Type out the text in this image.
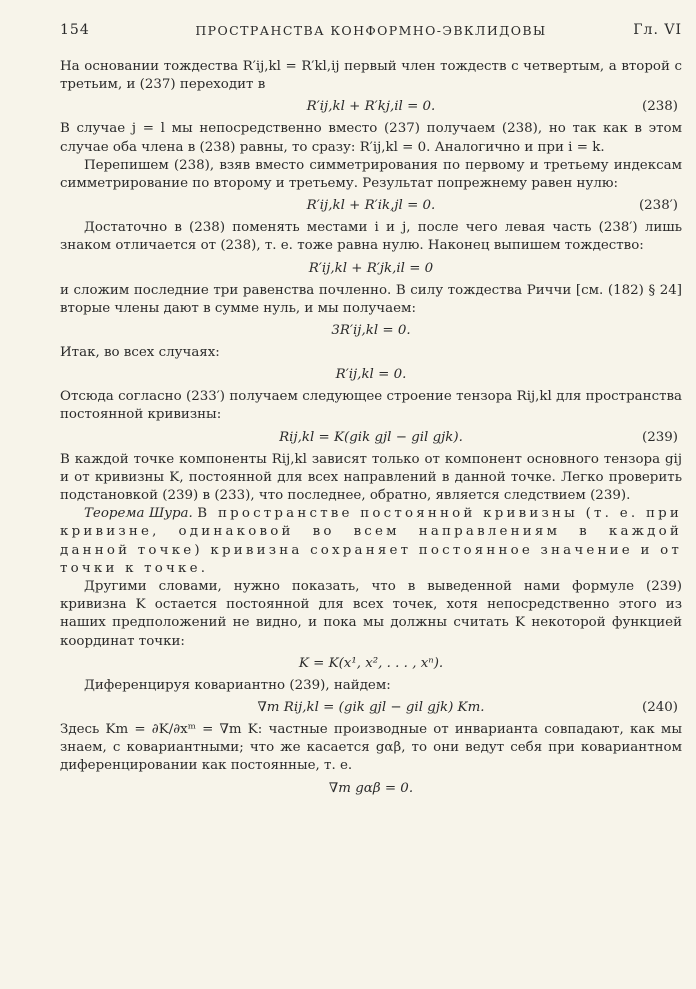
154	ПРОСТРАНСТВА КОНФОРМНО-ЭВКЛИДОВЫ	Гл. VI

На основании тождества R′ij,kl = R′kl,ij первый член тождеств с четвертым, а второй с третьим, и (237) переходит в

R′ij,kl + R′kj,il = 0.	(238)

В случае j = l мы непосредственно вместо (237) получаем (238), но так как в этом случае оба члена в (238) равны, то сразу: R′ij,kl = 0. Аналогично и при i = k.

Перепишем (238), взяв вместо симметрирования по первому и третьему индексам симметрирование по второму и третьему. Результат попрежнему равен нулю:

R′ij,kl + R′ik,jl = 0.	(238′)

Достаточно в (238) поменять местами i и j, после чего левая часть (238′) лишь знаком отличается от (238), т. е. тоже равна нулю. Наконец выпишем тождество:

R′ij,kl + R′jk,il = 0

и сложим последние три равенства почленно. В силу тождества Риччи [см. (182) § 24] вторые члены дают в сумме нуль, и мы получаем:

3R′ij,kl = 0.

Итак, во всех случаях:

R′ij,kl = 0.

Отсюда согласно (233′) получаем следующее строение тензора Rij,kl для пространства постоянной кривизны:

Rij,kl = K(gik gjl − gil gjk).	(239)

В каждой точке компоненты Rij,kl зависят только от компонент основного тензора gij и от кривизны K, постоянной для всех направлений в данной точке. Легко проверить подстановкой (239) в (233), что последнее, обратно, является следствием (239).

Теорема Шура. В пространстве постоянной кривизны (т. е. при кривизне, одинаковой во всем направлениям в каждой данной точке) кривизна сохраняет постоянное значение и от точки к точке.

Другими словами, нужно показать, что в выведенной нами формуле (239) кривизна K остается постоянной для всех точек, хотя непосредственно этого из наших предположений не видно, и пока мы должны считать K некоторой функцией координат точки:

K = K(x¹, x², . . . , xⁿ).

Диференцируя ковариантно (239), найдем:

∇m Rij,kl = (gik gjl − gil gjk) Km.	(240)

Здесь Km = ∂K/∂xᵐ = ∇m K: частные производные от инварианта совпадают, как мы знаем, с ковариантными; что же касается gαβ, то они ведут себя при ковариантном диференцировании как постоянные, т. е.

∇m gαβ = 0.
